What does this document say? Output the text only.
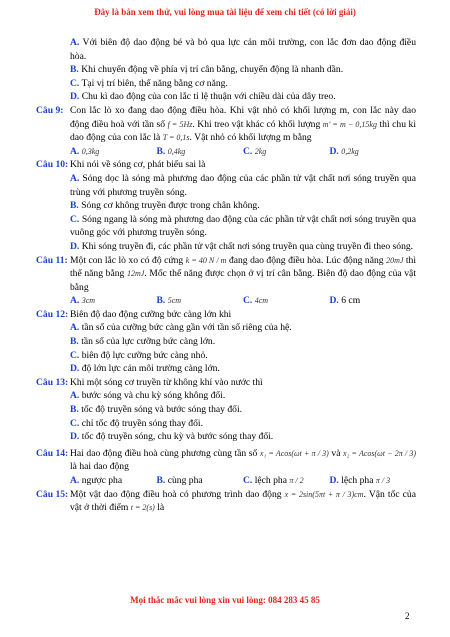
Đây là bản xem thử, vui lòng mua tài liệu để xem chi tiết (có lời giải)
A. Với biên độ dao động bé và bỏ qua lực cản môi trường, con lắc đơn dao động điều hòa.
B. Khi chuyển động về phía vị trí cân bằng, chuyển động là nhanh dần.
C. Tại vị trí biên, thế năng bằng cơ năng.
D. Chu kì dao động của con lắc tỉ lệ thuận với chiều dài của dây treo.
Câu 9: Con lắc lò xo đang dao động điều hòa. Khi vật nhỏ có khối lượng m, con lắc này dao động điều hoà với tần số f = 5Hz. Khi treo vật khác có khối lượng m' = m − 0,15kg thì chu kì dao động của con lắc là T = 0,1s. Vật nhỏ có khối lượng m bằng
A. 0,3kg	B. 0,4kg	C. 2kg	D. 0,2kg
Câu 10: Khi nói về sóng cơ, phát biểu sai là
A. Sóng dọc là sóng mà phương dao động của các phần tử vật chất nơi sóng truyền qua trùng với phương truyền sóng.
B. Sóng cơ không truyền được trong chân không.
C. Sóng ngang là sóng mà phương dao động của các phần tử vật chất nơi sóng truyền qua vuông góc với phương truyền sóng.
D. Khi sóng truyền đi, các phần tử vật chất nơi sóng truyền qua cùng truyền đi theo sóng.
Câu 11: Một con lắc lò xo có độ cứng k = 40 N / m đang dao động điều hòa. Lúc động năng 20mJ thì thế năng bằng 12mJ. Mốc thế năng được chọn ở vị trí cân bằng. Biên độ dao động của vật bằng
A. 3cm	B. 5cm	C. 4cm	D. 6 cm
Câu 12: Biên độ dao động cưỡng bức càng lớn khi
A. tần số của cưỡng bức càng gần với tần số riêng của hệ.
B. tần số của lực cưỡng bức càng lớn.
C. biên độ lực cưỡng bức càng nhỏ.
D. độ lớn lực cản môi trường càng lớn.
Câu 13: Khi một sóng cơ truyền từ không khí vào nước thì
A. bước sóng và chu kỳ sóng không đổi.
B. tốc độ truyền sóng và bước sóng thay đổi.
C. chỉ tốc độ truyền sóng thay đổi.
D. tốc độ truyền sóng, chu kỳ và bước sóng thay đổi.
Câu 14: Hai dao động điều hoà cùng phương cùng tần số x₁ = Acos(ωt + π / 3) và x₂ = Acos(ωt − 2π / 3) là hai dao động
A. ngược pha	B. cùng pha	C. lệch pha π / 2	D. lệch pha π / 3
Câu 15: Một vật dao động điều hoà có phương trình dao động x = 2sin(5πt + π / 3)cm. Vận tốc của vật ở thời điểm t = 2(s) là
Mọi thắc mắc vui lòng xin vui lòng: 084 283 45 85
2
